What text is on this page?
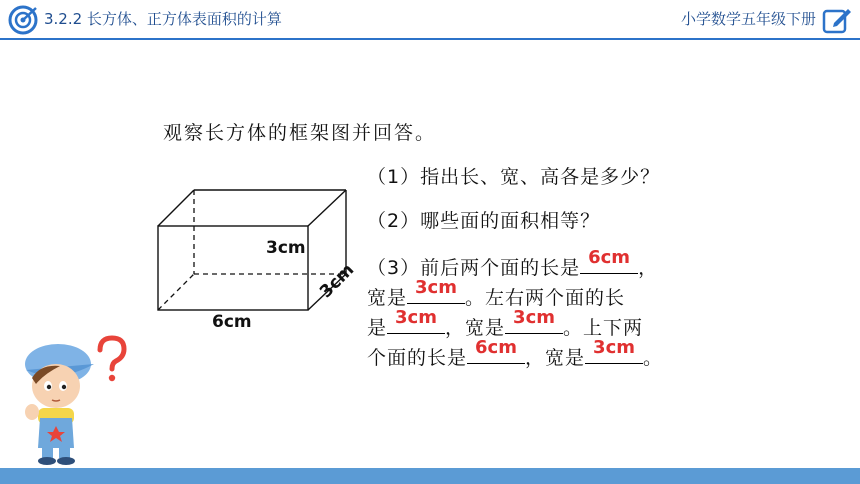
3.2.2 长方体、正方体表面积的计算	小学数学五年级下册
观察长方体的框架图并回答。
3cm
6cm
3cm
（1）指出长、宽、高各是多少？
（2）哪些面的面积相等？
（3）前后两个面的长是 6cm ，
宽是 3cm 。左右两个面的长
是 3cm ，宽是 3cm 。上下两
个面的长是 6cm ，宽是 3cm 。
